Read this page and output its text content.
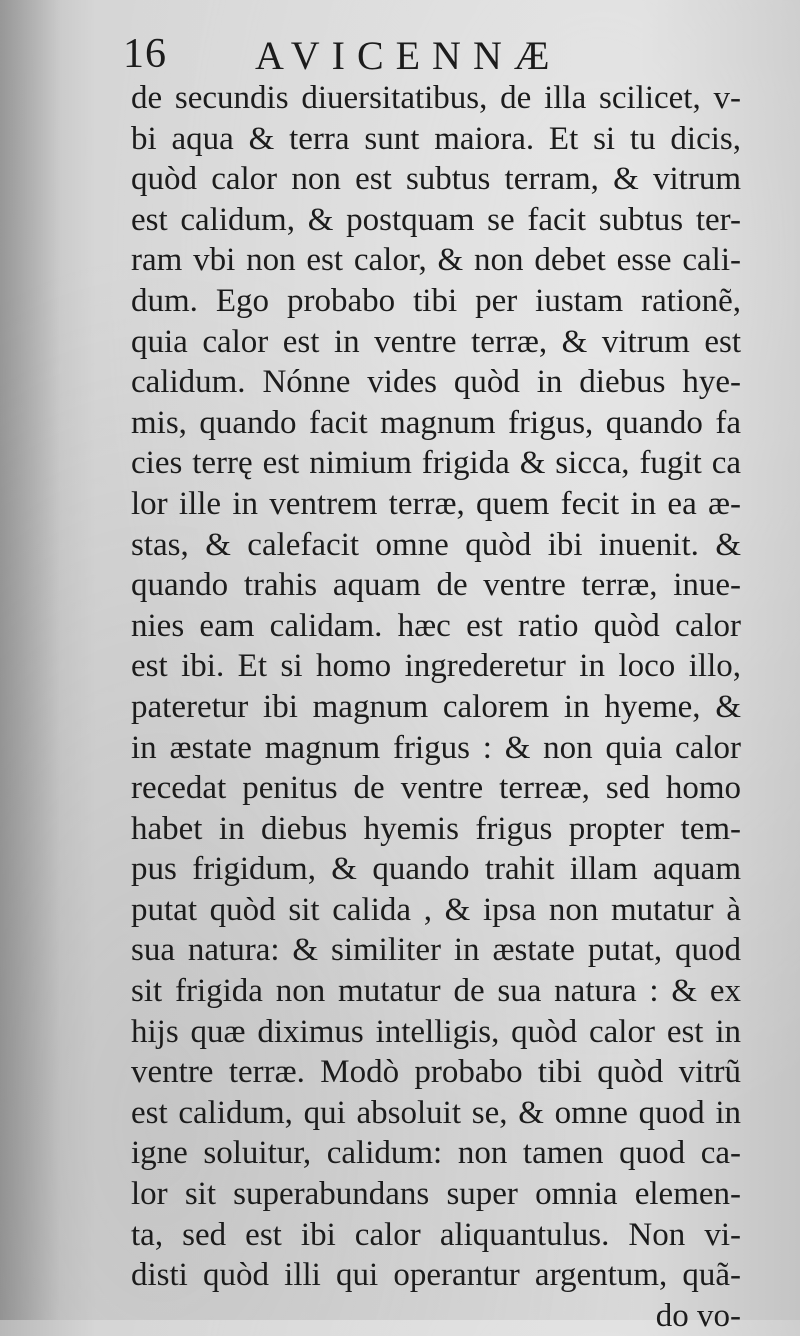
16 AVICENNÆ
de secundis diuersitatibus, de illa scilicet, v-
bi aqua & terra sunt maiora. Et si tu dicis,
quòd calor non est subtus terram, & vitrum
est calidum, & postquam se facit subtus ter-
ram vbi non est calor, & non debet esse cali-
dum. Ego probabo tibi per iustam rationẽ,
quia calor est in ventre terræ, & vitrum est
calidum. Nónne vides quòd in diebus hye-
mis, quando facit magnum frigus, quando fa
cies terrę est nimium frigida & sicca, fugit ca
lor ille in ventrem terræ, quem fecit in ea æ-
stas, & calefacit omne quòd ibi inuenit. &
quando trahis aquam de ventre terræ, inue-
nies eam calidam. hæc est ratio quòd calor
est ibi. Et si homo ingrederetur in loco illo,
pateretur ibi magnum calorem in hyeme, &
in æstate magnum frigus : & non quia calor
recedat penitus de ventre terreæ, sed homo
habet in diebus hyemis frigus propter tem-
pus frigidum, & quando trahit illam aquam
putat quòd sit calida , & ipsa non mutatur à
sua natura: & similiter in æstate putat, quod
sit frigida non mutatur de sua natura : & ex
hijs quæ diximus intelligis, quòd calor est in
ventre terræ. Modò probabo tibi quòd vitrũ
est calidum, qui absoluit se, & omne quod in
igne soluitur, calidum: non tamen quod ca-
lor sit superabundans super omnia elemen-
ta, sed est ibi calor aliquantulus. Non vi-
disti quòd illi qui operantur argentum, quã-
do vo-
